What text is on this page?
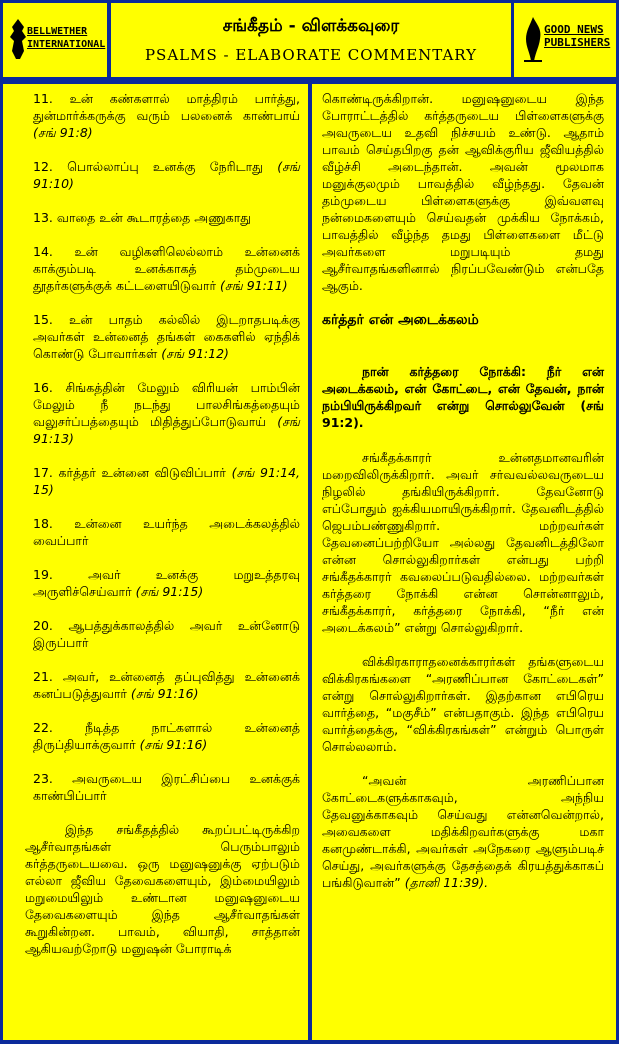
BELLWETHER INTERNATIONAL
சங்கீதம் - விளக்கவுரை
PSALMS - ELABORATE COMMENTARY
GOOD NEWS PUBLISHERS
11. உன் கண்களால் மாத்திரம் பார்த்து, துன்மார்க்கருக்கு வரும் பலனைக் காண்பாய் (சங் 91:8)
12. பொல்லாப்பு உனக்கு நேரிடாது (சங் 91:10)
13. வாதை உன் கூடாரத்தை அணுகாது
14. உன் வழிகளிலெல்லாம் உன்னைக் காக்கும்படி உனக்காகத் தம்முடைய தூதர்களுக்குக் கட்டளையிடுவார் (சங் 91:11)
15. உன் பாதம் கல்லில் இடறாதபடிக்கு அவர்கள் உன்னைத் தங்கள் கைகளில் ஏந்திக் கொண்டு போவார்கள் (சங் 91:12)
16. சிங்கத்தின் மேலும் விரியன் பாம்பின் மேலும் நீ நடந்து பாலசிங்கத்தையும் வலுசர்ப்பத்தையும் மிதித்துப்போடுவாய் (சங் 91:13)
17. கர்த்தர் உன்னை விடுவிப்பார் (சங் 91:14, 15)
18. உன்னை உயர்ந்த அடைக்கலத்தில் வைப்பார்
19. அவர் உனக்கு மறுஉத்தரவு அருளிச்செய்வார் (சங் 91:15)
20. ஆபத்துக்காலத்தில் அவர் உன்னோடு இருப்பார்
21. அவர், உன்னைத் தப்புவித்து உன்னைக் கனப்படுத்துவார் (சங் 91:16)
22. நீடித்த நாட்களால் உன்னைத் திருப்தியாக்குவார் (சங் 91:16)
23. அவருடைய இரட்சிப்பை உனக்குக் காண்பிப்பார்
இந்த சங்கீதத்தில் கூறப்பட்டிருக்கிற ஆசீர்வாதங்கள் பெரும்பாலும் கர்த்தருடையவை. ஒரு மனுஷனுக்கு ஏற்படும் எல்லா ஜீவிய தேவைகளையும், இம்மையிலும் மறுமையிலும் உண்டான மனுஷனுடைய தேவைகளையும் இந்த ஆசீர்வாதங்கள் கூறுகின்றன. பாவம், வியாதி, சாத்தான் ஆகியவற்றோடு மனுஷன் போராடிக்
கொண்டிருக்கிறான். மனுஷனுடைய இந்த போராட்டத்தில் கர்த்தருடைய பிள்ளைகளுக்கு அவருடைய உதவி நிச்சயம் உண்டு. ஆதாம் பாவம் செய்தபிறகு தன் ஆவிக்குரிய ஜீவியத்தில் வீழ்ச்சி அடைந்தான். அவன் மூலமாக மனுக்குலமும் பாவத்தில் வீழ்ந்தது. தேவன் தம்முடைய பிள்ளைகளுக்கு இவ்வளவு நன்மைகளையும் செய்வதன் முக்கிய நோக்கம், பாவத்தில் வீழ்ந்த தமது பிள்ளைகளை மீட்டு அவர்களை மறுபடியும் தமது ஆசீர்வாதங்களினால் நிரப்பவேண்டும் என்பதே ஆகும்.
கர்த்தர் என் அடைக்கலம்
நான் கர்த்தரை நோக்கி: நீர் என் அடைக்கலம், என் கோட்டை, என் தேவன், நான் நம்பியிருக்கிறவர் என்று சொல்லுவேன் (சங் 91:2).
சங்கீதக்காரர் உன்னதமானவரின் மறைவிலிருக்கிறார். அவர் சர்வவல்லவருடைய நிழலில் தங்கியிருக்கிறார். தேவனோடு எப்போதும் ஐக்கியமாயிருக்கிறார். தேவனிடத்தில் ஜெபம்பண்ணுகிறார். மற்றவர்கள் தேவனைப்பற்றியோ அல்லது தேவனிடத்திலோ என்ன சொல்லுகிறார்கள் என்பது பற்றி சங்கீதக்காரர் கவலைப்படுவதில்லை. மற்றவர்கள் கர்த்தரை நோக்கி என்ன சொன்னாலும், சங்கீதக்காரர், கர்த்தரை நோக்கி, “நீர் என் அடைக்கலம்” என்று சொல்லுகிறார்.
விக்கிரகாராதனைக்காரர்கள் தங்களுடைய விக்கிரகங்களை “அரணிப்பான கோட்டைகள்” என்று சொல்லுகிறார்கள். இதற்கான எபிரெய வார்த்தை, “மகுசீம்” என்பதாகும். இந்த எபிரெய வார்த்தைக்கு, “விக்கிரகங்கள்” என்றும் பொருள் சொல்லலாம்.
“அவன் அரணிப்பான கோட்டைகளுக்காகவும், அந்நிய தேவனுக்காகவும் செய்வது என்னவென்றால், அவைகளை மதிக்கிறவர்களுக்கு மகா கனமுண்டாக்கி, அவர்கள் அநேகரை ஆளும்படிச் செய்து, அவர்களுக்கு தேசத்தைக் கிரயத்துக்காகப் பங்கிடுவான்” (தானி 11:39).
